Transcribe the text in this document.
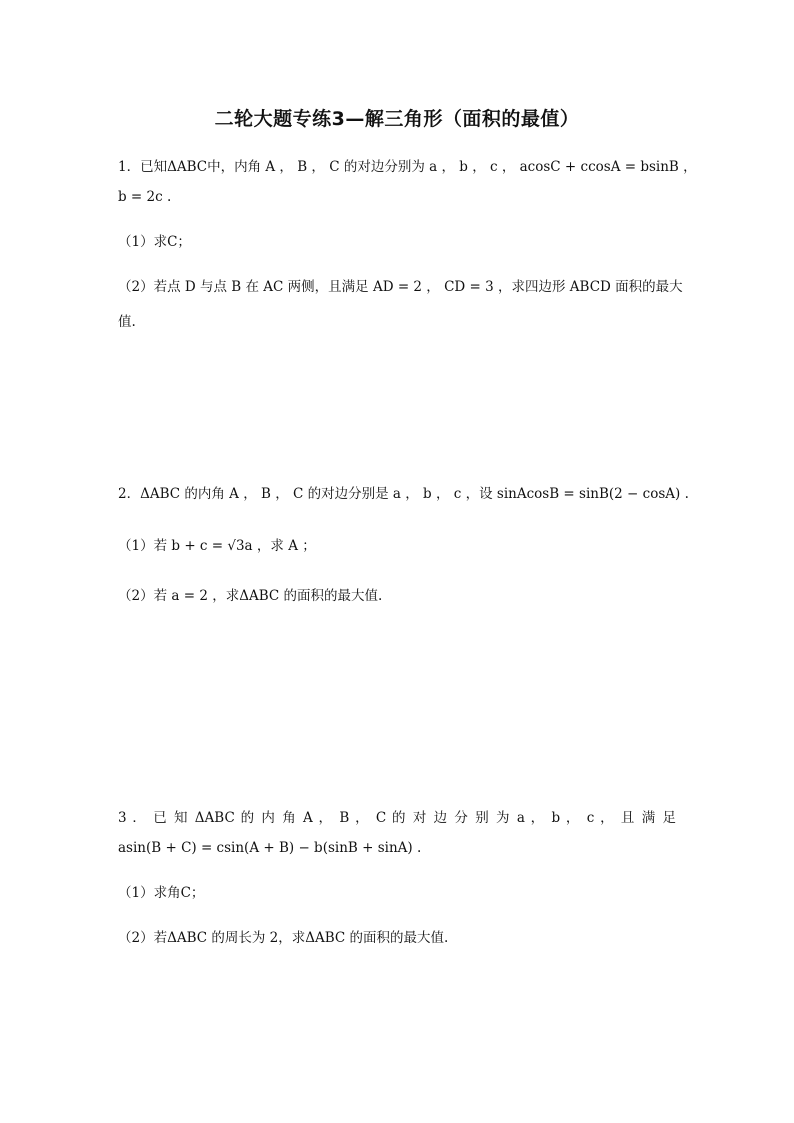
二轮大题专练3—解三角形（面积的最值）
1．已知ΔABC中，内角 A ， B ， C 的对边分别为 a ， b ， c ， acosC + ccosA = bsinB ，
b = 2c .
（1）求C；
（2）若点 D 与点 B 在 AC 两侧，且满足 AD = 2 ， CD = 3 ，求四边形 ABCD 面积的最大
值.
2．ΔABC 的内角 A ， B ， C 的对边分别是 a ， b ， c ，设 sinAcosB = sinB(2 − cosA) .
（1）若 b + c = √3a ，求 A ；
（2）若 a = 2 ，求ΔABC 的面积的最大值.
3 ． 已 知 ΔABC 的 内 角 A ， B ， C 的 对 边 分 别 为 a ， b ， c ， 且 满 足
asin(B + C) = csin(A + B) − b(sinB + sinA) .
（1）求角C；
（2）若ΔABC 的周长为 2，求ΔABC 的面积的最大值.
